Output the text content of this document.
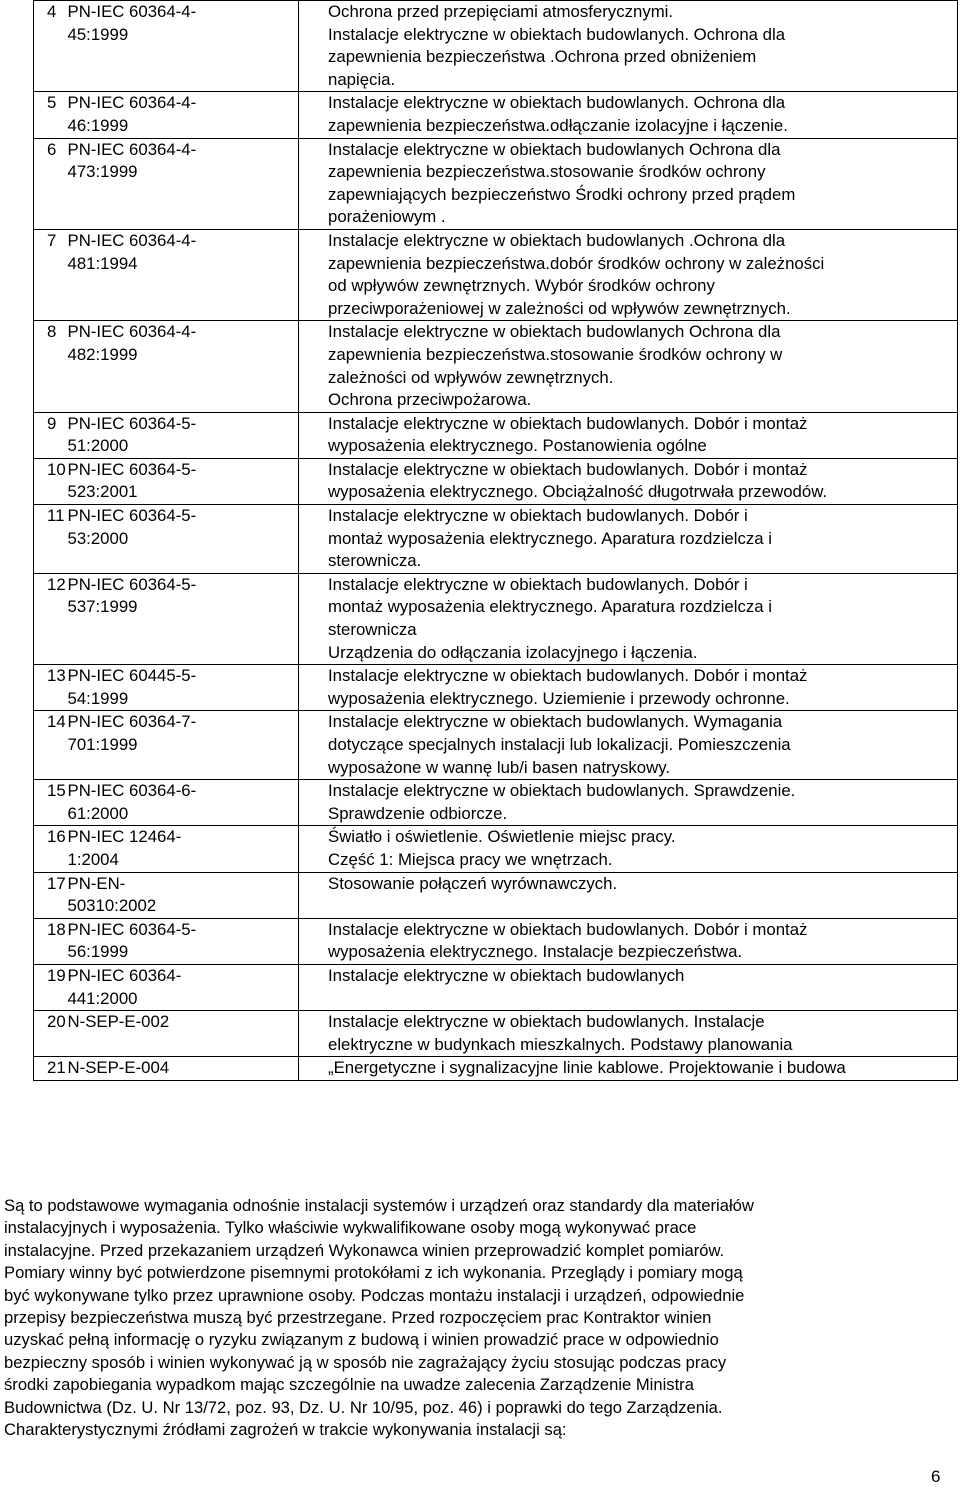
4	PN-IEC 60364-4-
45:1999	Ochrona przed przepięciami atmosferycznymi.
Instalacje elektryczne w obiektach budowlanych. Ochrona dla
zapewnienia bezpieczeństwa .Ochrona przed obniżeniem
napięcia.

5	PN-IEC 60364-4-
46:1999	Instalacje elektryczne w obiektach budowlanych. Ochrona dla
zapewnienia bezpieczeństwa.odłączanie izolacyjne i łączenie.

6	PN-IEC 60364-4-
473:1999	Instalacje elektryczne w obiektach budowlanych Ochrona dla
zapewnienia bezpieczeństwa.stosowanie środków ochrony
zapewniających bezpieczeństwo Środki ochrony przed prądem
porażeniowym .

7	PN-IEC 60364-4-
481:1994	Instalacje elektryczne w obiektach budowlanych .Ochrona dla
zapewnienia bezpieczeństwa.dobór środków ochrony w zależności
od wpływów zewnętrznych. Wybór środków ochrony
przeciwporażeniowej w zależności od wpływów zewnętrznych.

8	PN-IEC 60364-4-
482:1999	Instalacje elektryczne w obiektach budowlanych Ochrona dla
zapewnienia bezpieczeństwa.stosowanie środków ochrony w
zależności od wpływów zewnętrznych.
Ochrona przeciwpożarowa.

9	PN-IEC 60364-5-
51:2000	Instalacje elektryczne w obiektach budowlanych. Dobór i montaż
wyposażenia elektrycznego. Postanowienia ogólne

10	PN-IEC 60364-5-
523:2001	Instalacje elektryczne w obiektach budowlanych. Dobór i montaż
wyposażenia elektrycznego. Obciążalność długotrwała przewodów.

11	PN-IEC 60364-5-
53:2000	Instalacje elektryczne w obiektach budowlanych. Dobór i
montaż wyposażenia elektrycznego. Aparatura rozdzielcza i
sterownicza.

12	PN-IEC 60364-5-
537:1999	Instalacje elektryczne w obiektach budowlanych. Dobór i
montaż wyposażenia elektrycznego. Aparatura rozdzielcza i
sterownicza
Urządzenia do odłączania izolacyjnego i łączenia.

13	PN-IEC 60445-5-
54:1999	Instalacje elektryczne w obiektach budowlanych. Dobór i montaż
wyposażenia elektrycznego. Uziemienie i przewody ochronne.

14	PN-IEC 60364-7-
701:1999	Instalacje elektryczne w obiektach budowlanych. Wymagania
dotyczące specjalnych instalacji lub lokalizacji. Pomieszczenia
wyposażone w wannę lub/i basen natryskowy.

15	PN-IEC 60364-6-
61:2000	Instalacje elektryczne w obiektach budowlanych. Sprawdzenie.
Sprawdzenie odbiorcze.

16	PN-IEC 12464-
1:2004	Światło i oświetlenie. Oświetlenie miejsc pracy.
Część 1: Miejsca pracy we wnętrzach.

17	PN-EN-
50310:2002	Stosowanie połączeń wyrównawczych.

18	PN-IEC 60364-5-
56:1999	Instalacje elektryczne w obiektach budowlanych. Dobór i montaż
wyposażenia elektrycznego. Instalacje bezpieczeństwa.

19	PN-IEC 60364-
441:2000	Instalacje elektryczne w obiektach budowlanych

20	N-SEP-E-002	Instalacje elektryczne w obiektach budowlanych. Instalacje
elektryczne w budynkach mieszkalnych. Podstawy planowania

21	N-SEP-E-004	„Energetyczne i sygnalizacyjne linie kablowe. Projektowanie i budowa
Są to podstawowe wymagania odnośnie instalacji systemów i urządzeń oraz standardy dla materiałów
instalacyjnych i wyposażenia. Tylko właściwie wykwalifikowane osoby mogą wykonywać prace
instalacyjne. Przed przekazaniem urządzeń Wykonawca winien przeprowadzić komplet pomiarów.
Pomiary winny być potwierdzone pisemnymi protokółami z ich wykonania. Przeglądy i pomiary mogą
być wykonywane tylko przez uprawnione osoby. Podczas montażu instalacji i urządzeń, odpowiednie
przepisy bezpieczeństwa muszą być przestrzegane. Przed rozpoczęciem prac Kontraktor winien
uzyskać pełną informację o ryzyku związanym z budową i winien prowadzić prace w odpowiednio
bezpieczny sposób i winien wykonywać ją w sposób nie zagrażający życiu stosując podczas pracy
środki zapobiegania wypadkom mając szczególnie na uwadze zalecenia Zarządzenie Ministra
Budownictwa (Dz. U. Nr 13/72, poz. 93, Dz. U. Nr 10/95, poz. 46) i poprawki do tego Zarządzenia.
Charakterystycznymi źródłami zagrożeń w trakcie wykonywania instalacji są:
6
